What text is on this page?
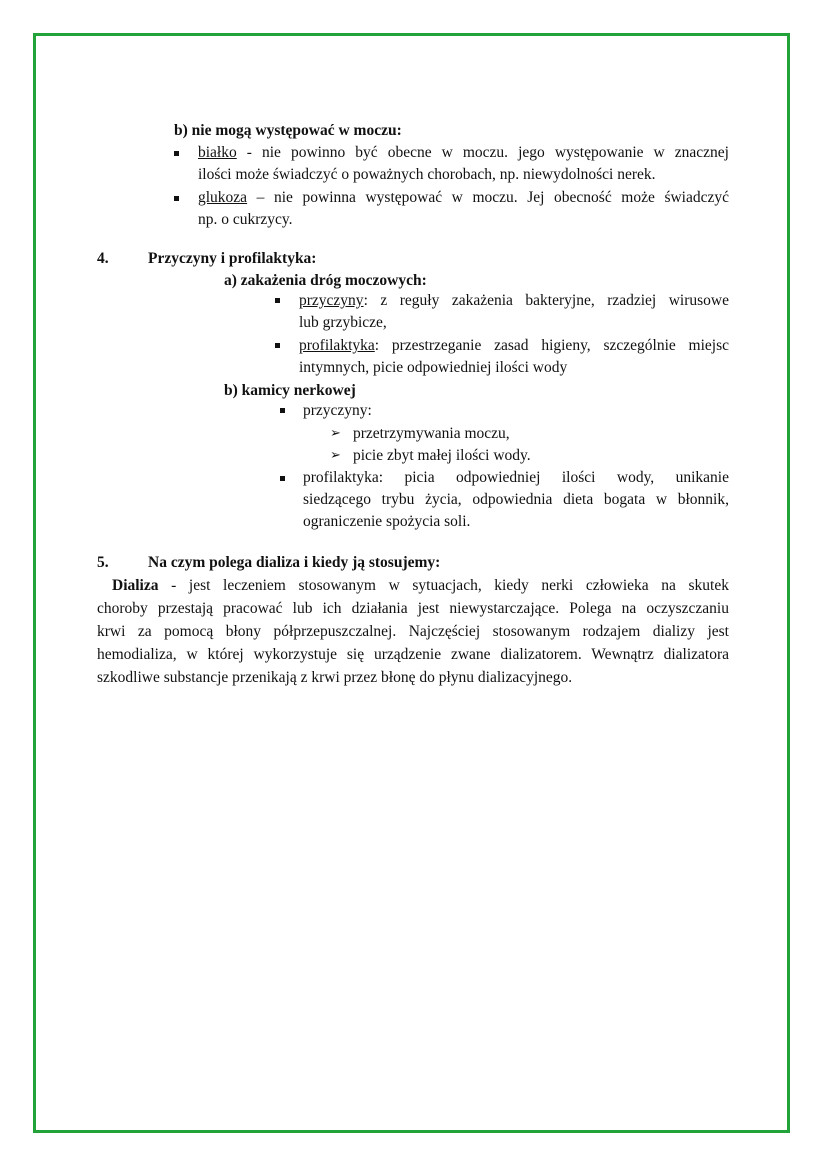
b) nie mogą występować w moczu:
białko - nie powinno być obecne w moczu. jego występowanie w znacznej
ilości może świadczyć o poważnych chorobach, np. niewydolności nerek.
glukoza – nie powinna występować w moczu. Jej obecność może świadczyć
np. o cukrzycy.
4.	Przyczyny i profilaktyka:
a) zakażenia dróg moczowych:
przyczyny: z reguły zakażenia bakteryjne, rzadziej wirusowe
lub grzybicze,
profilaktyka: przestrzeganie zasad higieny, szczególnie miejsc
intymnych, picie odpowiedniej ilości wody
b) kamicy nerkowej
przyczyny:
➢ przetrzymywania moczu,
➢ picie zbyt małej ilości wody.
profilaktyka: picia odpowiedniej ilości wody, unikanie
siedzącego trybu życia, odpowiednia dieta bogata w błonnik,
ograniczenie spożycia soli.
5.	Na czym polega dializa i kiedy ją stosujemy:
Dializa - jest leczeniem stosowanym w sytuacjach, kiedy nerki człowieka na skutek
choroby przestają pracować lub ich działania jest niewystarczające. Polega na oczyszczaniu
krwi za pomocą błony półprzepuszczalnej. Najczęściej stosowanym rodzajem dializy jest
hemodializa, w której wykorzystuje się urządzenie zwane dializatorem. Wewnątrz dializatora
szkodliwe substancje przenikają z krwi przez błonę do płynu dializacyjnego.
